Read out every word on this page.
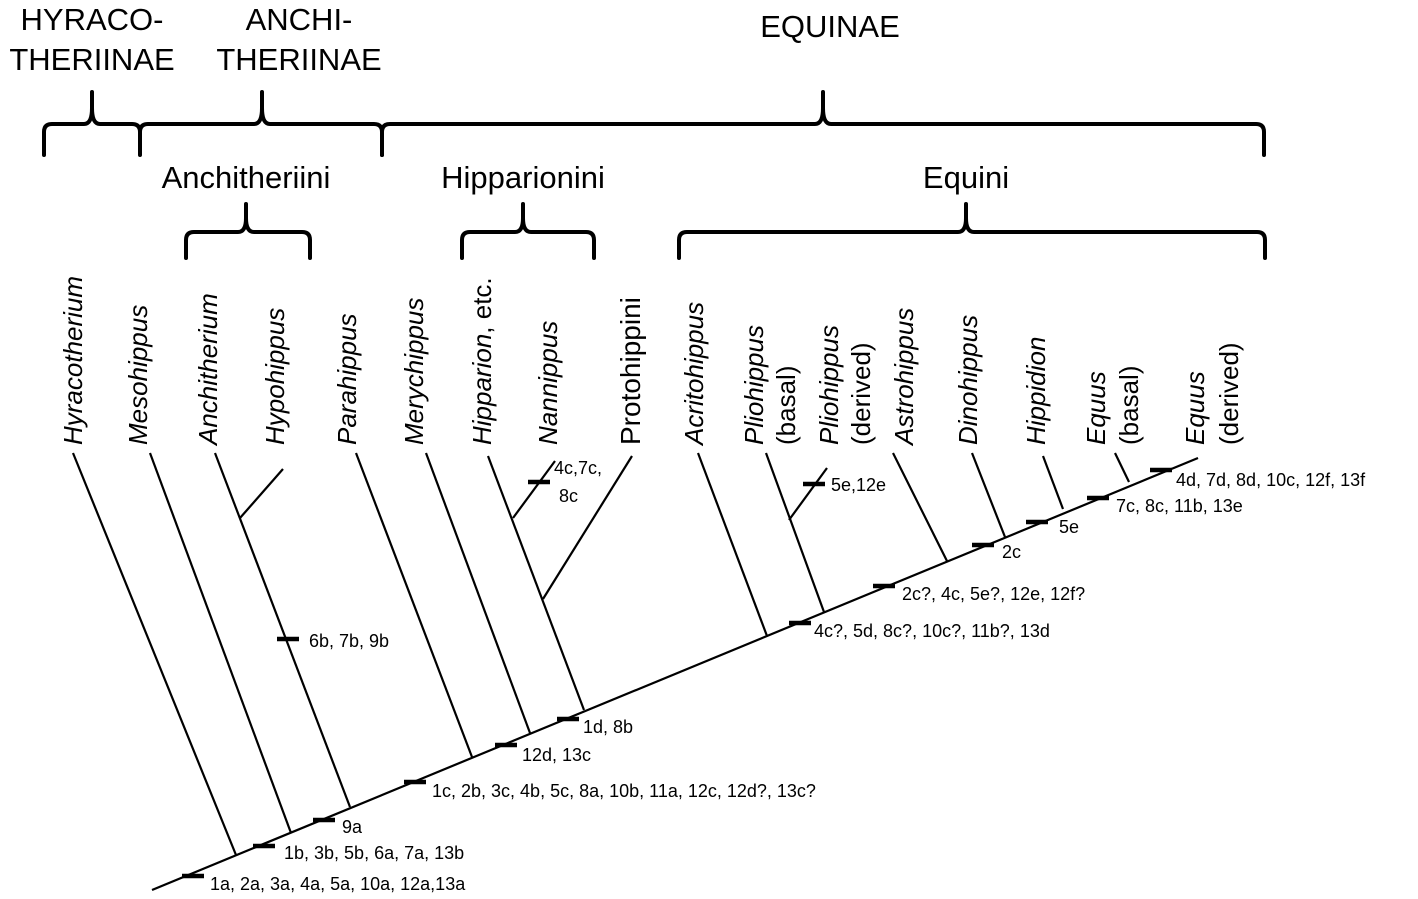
HYRACO-
THERIINAE
ANCHI-
THERIINAE
EQUINAE
Anchitheriini	Hipparionini	Equini
Hyracotherium Mesohippus Anchitherium Hypohippus Parahippus Merychippus Hipparion, etc.
Nannippus Protohippini Acritohippus Pliohippus (basal) Pliohippus (derived) Astrohippus Dinohippus Hippidion Equus (basal) Equus (derived)
1a, 2a, 3a, 4a, 5a, 10a, 12a,13a
1b, 3b, 5b, 6a, 7a, 13b
9a
1c, 2b, 3c, 4b, 5c, 8a, 10b, 11a, 12c, 12d?, 13c?
12d, 13c
1d, 8b
6b, 7b, 9b
4c,7c,
8c
4c?, 5d, 8c?, 10c?, 11b?, 13d
2c?, 4c, 5e?, 12e, 12f?
5e,12e
2c
5e
7c, 8c, 11b, 13e
4d, 7d, 8d, 10c, 12f, 13f
